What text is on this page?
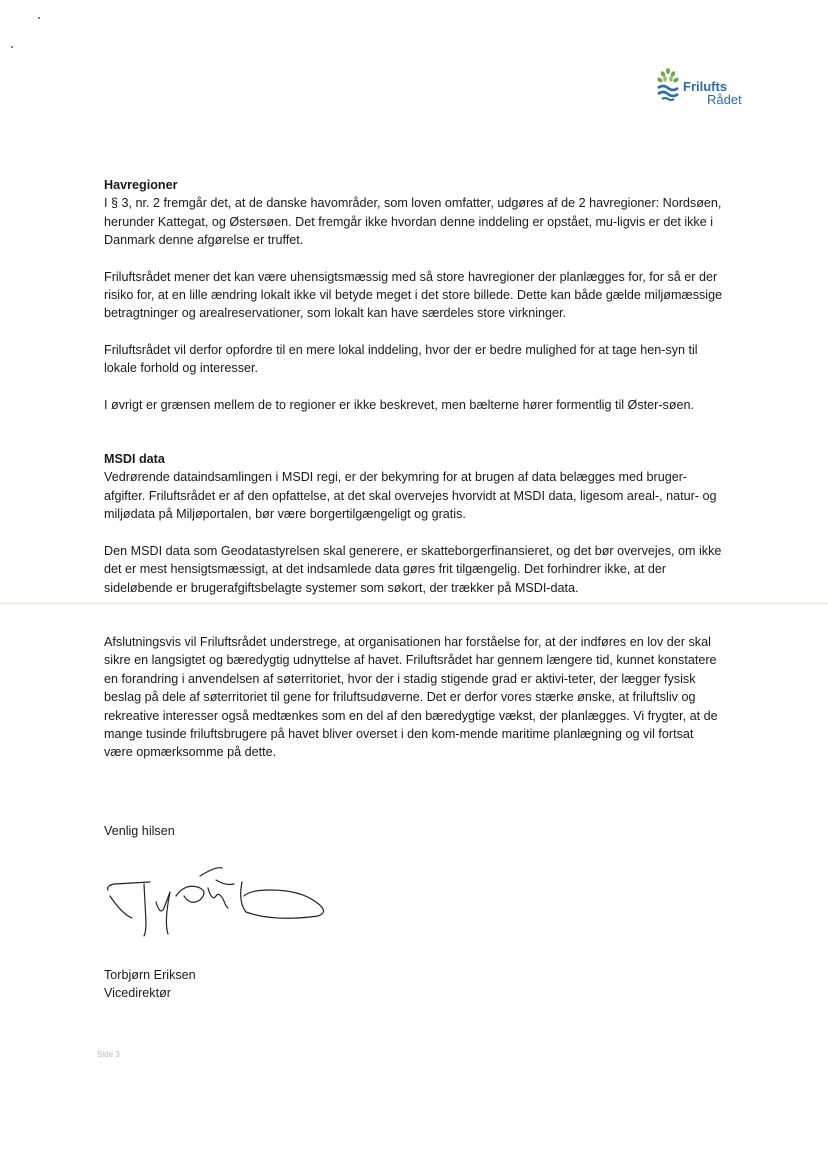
Frilufts
Rådet
Havregioner

I § 3, nr. 2 fremgår det, at de danske havområder, som loven omfatter, udgøres af de 2 havregioner: Nordsøen, herunder Kattegat, og Østersøen. Det fremgår ikke hvordan denne inddeling er opstået, mu-ligvis er det ikke i Danmark denne afgørelse er truffet.

Friluftsrådet mener det kan være uhensigtsmæssig med så store havregioner der planlægges for, for så er der risiko for, at en lille ændring lokalt ikke vil betyde meget i det store billede. Dette kan både gælde miljømæssige betragtninger og arealreservationer, som lokalt kan have særdeles store virkninger.

Friluftsrådet vil derfor opfordre til en mere lokal inddeling, hvor der er bedre mulighed for at tage hen-syn til lokale forhold og interesser.

I øvrigt er grænsen mellem de to regioner er ikke beskrevet, men bælterne hører formentlig til Øster-søen.

MSDI data

Vedrørende dataindsamlingen i MSDI regi, er der bekymring for at brugen af data belægges med bruger-afgifter. Friluftsrådet er af den opfattelse, at det skal overvejes hvorvidt at MSDI data, ligesom areal-, natur- og miljødata på Miljøportalen, bør være borgertilgængeligt og gratis.

Den MSDI data som Geodatastyrelsen skal generere, er skatteborgerfinansieret, og det bør overvejes, om ikke det er mest hensigtsmæssigt, at det indsamlede data gøres frit tilgængelig. Det forhindrer ikke, at der sideløbende er brugerafgiftsbelagte systemer som søkort, der trækker på MSDI-data.

Afslutningsvis vil Friluftsrådet understrege, at organisationen har forståelse for, at der indføres en lov der skal sikre en langsigtet og bæredygtig udnyttelse af havet. Friluftsrådet har gennem længere tid, kunnet konstatere en forandring i anvendelsen af søterritoriet, hvor der i stadig stigende grad er aktivi-teter, der lægger fysisk beslag på dele af søterritoriet til gene for friluftsudøverne. Det er derfor vores stærke ønske, at friluftsliv og rekreative interesser også medtænkes som en del af den bæredygtige vækst, der planlægges. Vi frygter, at de mange tusinde friluftsbrugere på havet bliver overset i den kom-mende maritime planlægning og vil fortsat være opmærksomme på dette.

Venlig hilsen
Torbjørn Eriksen
Vicedirektør
Side 3
